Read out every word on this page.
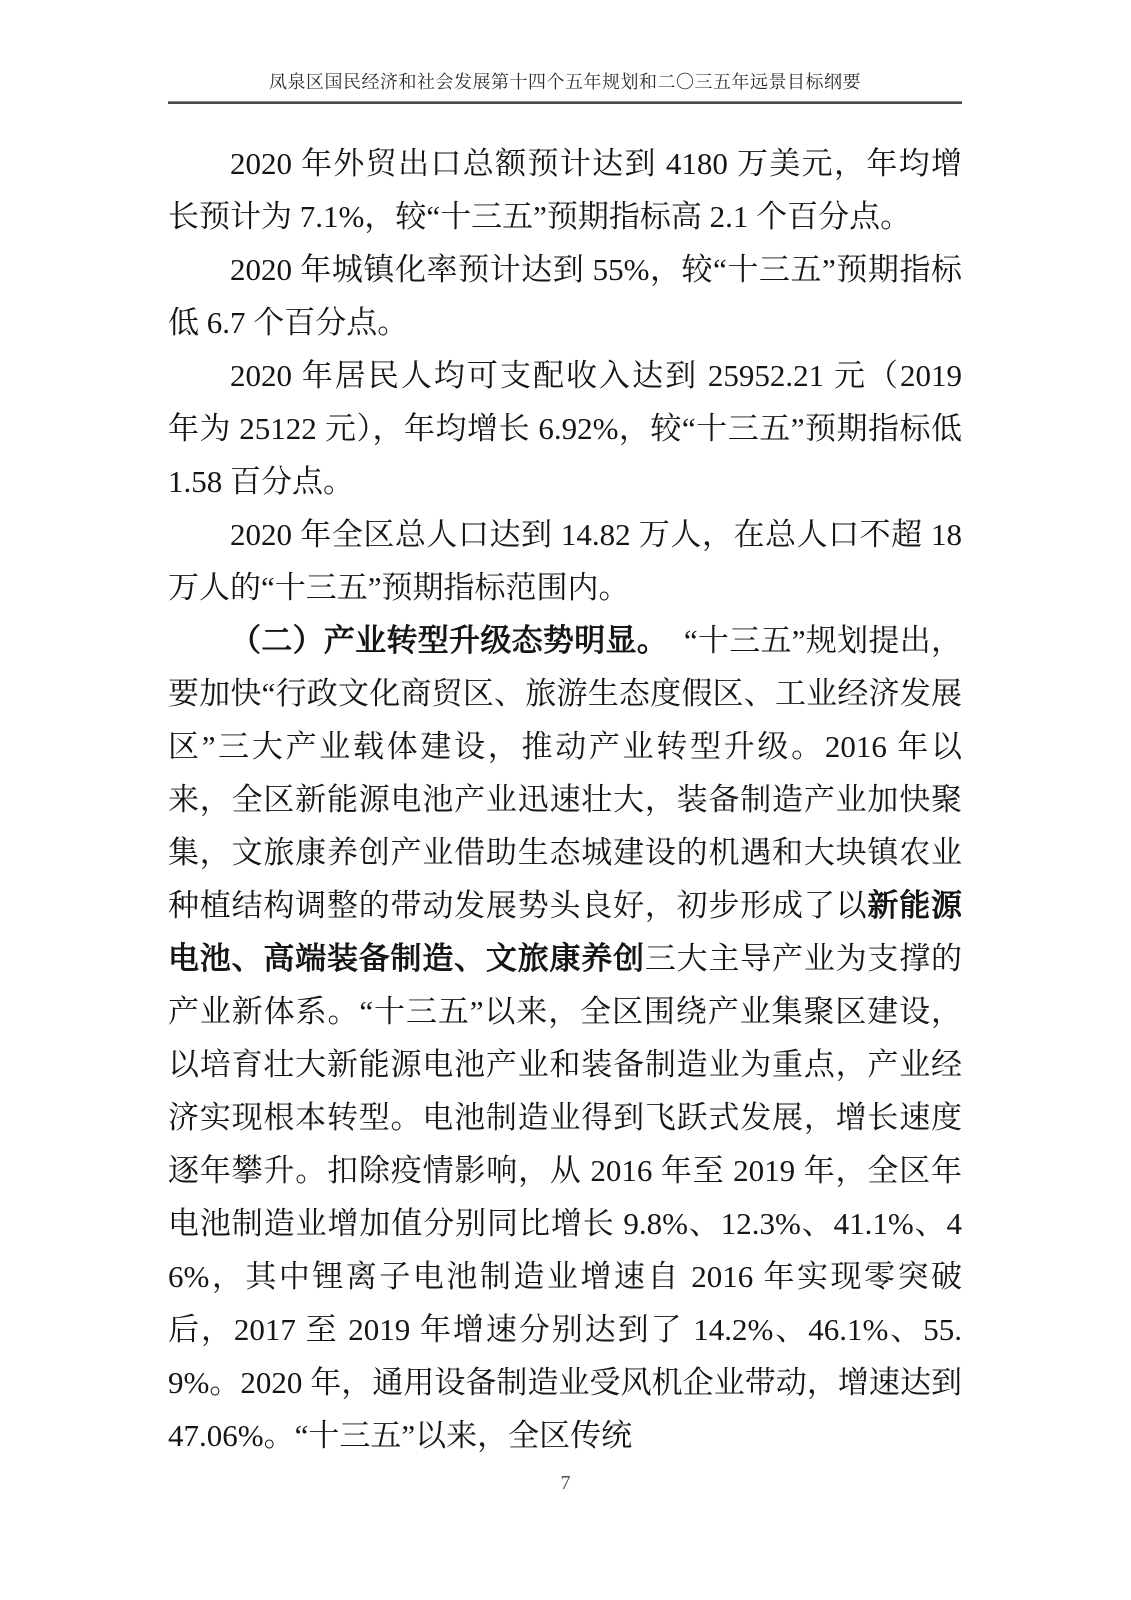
凤泉区国民经济和社会发展第十四个五年规划和二〇三五年远景目标纲要

2020 年外贸出口总额预计达到 4180 万美元，年均增长预计为 7.1%，较“十三五”预期指标高 2.1 个百分点。

2020 年城镇化率预计达到 55%，较“十三五”预期指标低 6.7 个百分点。

2020 年居民人均可支配收入达到 25952.21 元（2019 年为 25122 元），年均增长 6.92%，较“十三五”预期指标低 1.58 百分点。

2020 年全区总人口达到 14.82 万人，在总人口不超 18 万人的“十三五”预期指标范围内。

（二）产业转型升级态势明显。　“十三五”规划提出，要加快“行政文化商贸区、旅游生态度假区、工业经济发展区”三大产业载体建设，推动产业转型升级。2016 年以来，全区新能源电池产业迅速壮大，装备制造产业加快聚集，文旅康养创产业借助生态城建设的机遇和大块镇农业种植结构调整的带动发展势头良好，初步形成了以新能源电池、高端装备制造、文旅康养创三大主导产业为支撑的产业新体系。“十三五”以来，全区围绕产业集聚区建设，以培育壮大新能源电池产业和装备制造业为重点，产业经济实现根本转型。电池制造业得到飞跃式发展，增长速度逐年攀升。扣除疫情影响，从 2016 年至 2019 年，全区年电池制造业增加值分别同比增长 9.8%、12.3%、41.1%、46%，其中锂离子电池制造业增速自 2016 年实现零突破后，2017 至 2019 年增速分别达到了 14.2%、46.1%、55.9%。2020 年，通用设备制造业受风机企业带动，增速达到 47.06%。“十三五”以来，全区传统

7
